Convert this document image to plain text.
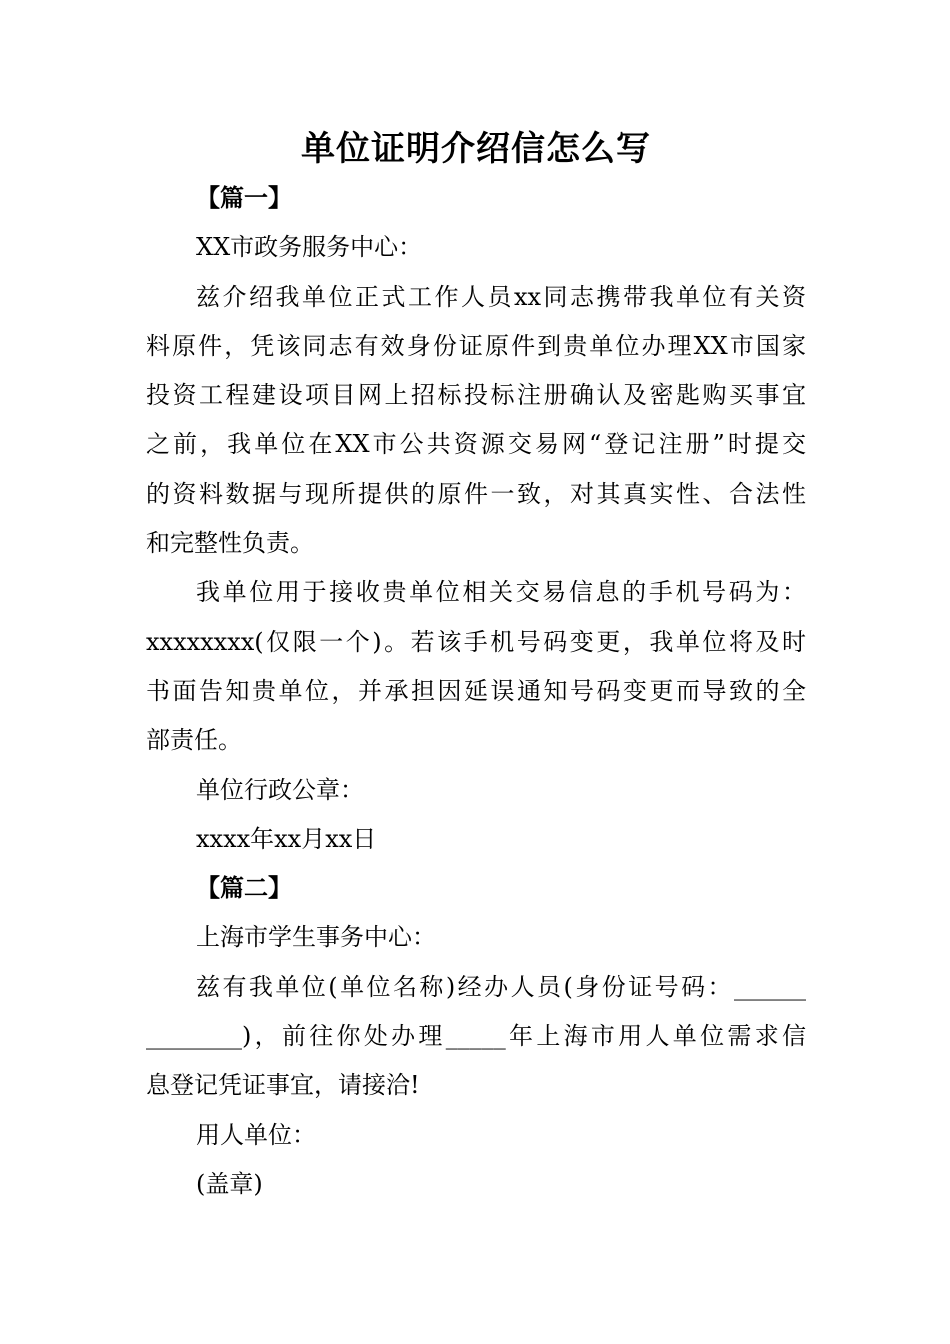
单位证明介绍信怎么写
【篇一】
XX市政务服务中心：
兹介绍我单位正式工作人员xx同志携带我单位有关资
料原件，凭该同志有效身份证原件到贵单位办理XX市国家
投资工程建设项目网上招标投标注册确认及密匙购买事宜
之前，我单位在XX市公共资源交易网“登记注册”时提交
的资料数据与现所提供的原件一致，对其真实性、合法性
和完整性负责。
我单位用于接收贵单位相关交易信息的手机号码为：
xxxxxxxx(仅限一个)。若该手机号码变更，我单位将及时
书面告知贵单位，并承担因延误通知号码变更而导致的全
部责任。
单位行政公章：
xxxx年xx月xx日
【篇二】
上海市学生事务中心：
兹有我单位(单位名称)经办人员(身份证号码：______
________)，前往你处办理_____年上海市用人单位需求信
息登记凭证事宜，请接洽!
用人单位：
(盖章)
